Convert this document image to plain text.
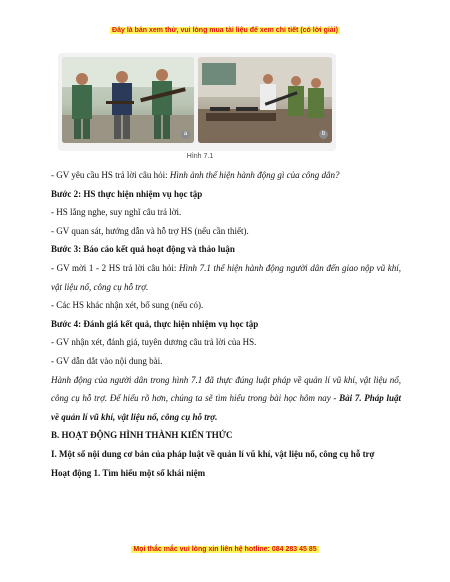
Đây là bản xem thử, vui lòng mua tài liệu để xem chi tiết (có lời giải)
a	b
Hình 7.1

- GV yêu cầu HS trả lời câu hỏi: Hình ảnh thể hiện hành động gì của công dân?

Bước 2: HS thực hiện nhiệm vụ học tập

- HS lắng nghe, suy nghĩ câu trả lời.

- GV quan sát, hướng dẫn và hỗ trợ HS (nếu cần thiết).

Bước 3: Báo cáo kết quả hoạt động và thảo luận

- GV mời 1 - 2 HS trả lời câu hỏi: Hình 7.1 thể hiện hành động người dân đến giao nộp vũ khí, vật liệu nổ, công cụ hỗ trợ.

- Các HS khác nhận xét, bổ sung (nếu có).

Bước 4: Đánh giá kết quả, thực hiện nhiệm vụ học tập

- GV nhận xét, đánh giá, tuyên dương câu trả lời của HS.

- GV dẫn dắt vào nội dung bài.

Hành động của người dân trong hình 7.1 đã thực đúng luật pháp về quản lí vũ khí, vật liệu nổ, công cụ hỗ trợ. Để hiểu rõ hơn, chúng ta sẽ tìm hiểu trong bài học hôm nay - Bài 7. Pháp luật về quản lí vũ khí, vật liệu nổ, công cụ hỗ trợ.

B. HOẠT ĐỘNG HÌNH THÀNH KIẾN THỨC

I. Một số nội dung cơ bản của pháp luật về quản lí vũ khí, vật liệu nổ, công cụ hỗ trợ

Hoạt động 1. Tìm hiểu một số khái niệm

Mọi thắc mắc vui lòng xin liên hệ hotline: 084 283 45 85
